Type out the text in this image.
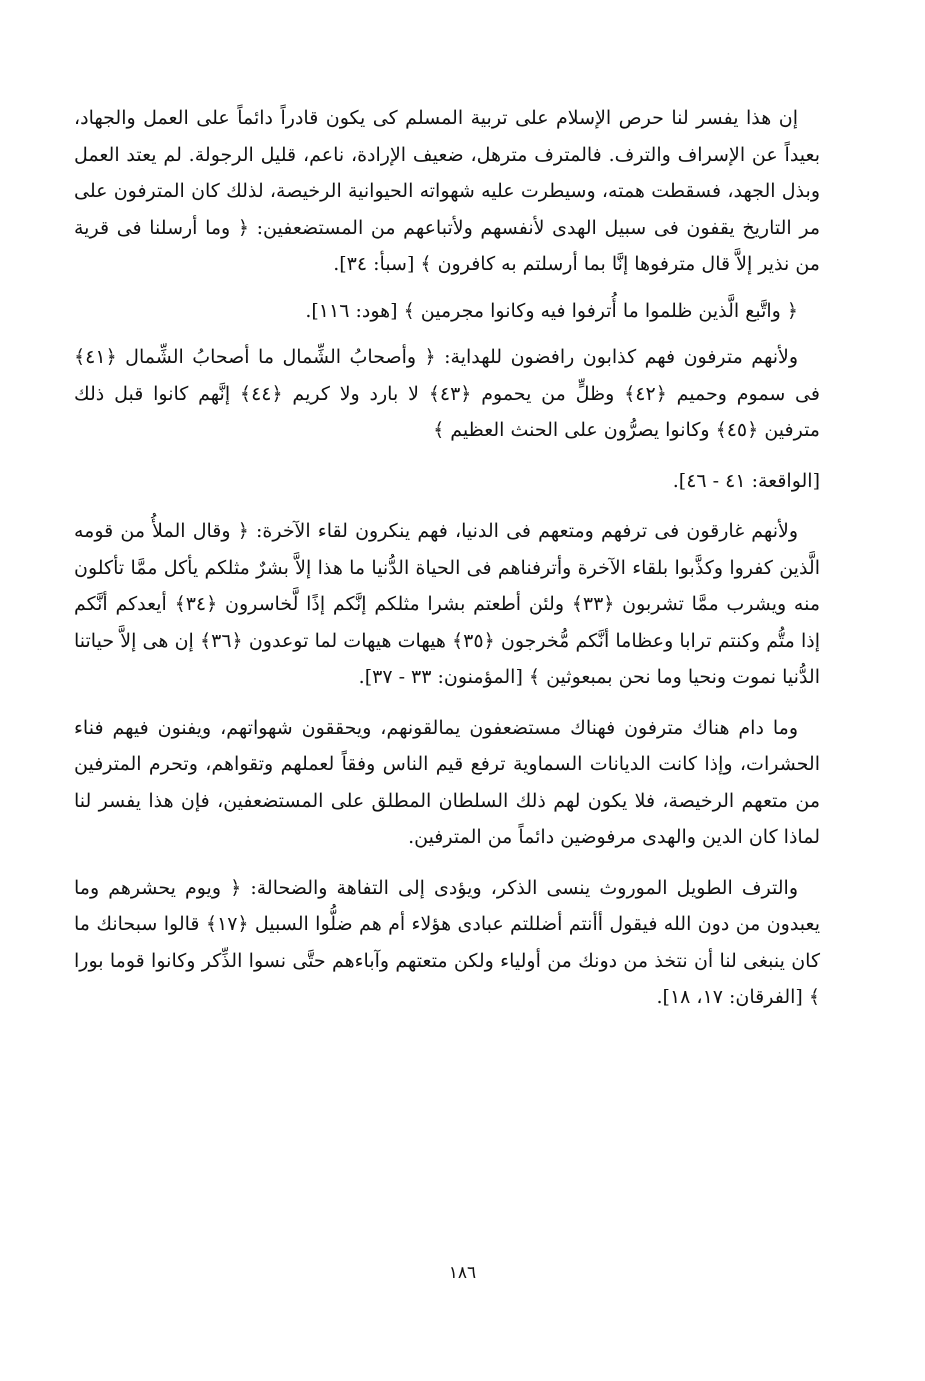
إن هذا يفسر لنا حرص الإسلام على تربية المسلم كى يكون قادراً دائماً على العمل والجهاد، بعيداً عن الإسراف والترف. فالمترف مترهل، ضعيف الإرادة، ناعم، قليل الرجولة. لم يعتد العمل وبذل الجهد، فسقطت همته، وسيطرت عليه شهواته الحيوانية الرخيصة، لذلك كان المترفون على مر التاريخ يقفون فى سبيل الهدى لأنفسهم ولأتباعهم من المستضعفين: ﴿ وما أرسلنا فى قرية من نذير إلاَّ قال مترفوها إنَّا بما أرسلتم به كافرون ﴾ [سبأ: ٣٤].

﴿ واتَّبع الَّذين ظلموا ما أُترفوا فيه وكانوا مجرمين ﴾ [هود: ١١٦].

ولأنهم مترفون فهم كذابون رافضون للهداية: ﴿ وأصحابُ الشِّمال ما أصحابُ الشِّمال ﴿٤١﴾ فى سموم وحميم ﴿٤٢﴾ وظلٍّ من يحموم ﴿٤٣﴾ لا بارد ولا كريم ﴿٤٤﴾ إنَّهم كانوا قبل ذلك مترفين ﴿٤٥﴾ وكانوا يصرُّون على الحنث العظيم ﴾

[الواقعة: ٤١ - ٤٦].

ولأنهم غارقون فى ترفهم ومتعهم فى الدنيا، فهم ينكرون لقاء الآخرة: ﴿ وقال الملأُ من قومه الَّذين كفروا وكذَّبوا بلقاء الآخرة وأترفناهم فى الحياة الدُّنيا ما هذا إلاَّ بشرٌ مثلكم يأكل ممَّا تأكلون منه ويشرب ممَّا تشربون ﴿٣٣﴾ ولئن أطعتم بشرا مثلكم إنَّكم إذًا لَّخاسرون ﴿٣٤﴾ أيعدكم أنَّكم إذا متُّم وكنتم ترابا وعظاما أنَّكم مُّخرجون ﴿٣٥﴾ هيهات هيهات لما توعدون ﴿٣٦﴾ إن هى إلاَّ حياتنا الدُّنيا نموت ونحيا وما نحن بمبعوثين ﴾ [المؤمنون: ٣٣ - ٣٧].

وما دام هناك مترفون فهناك مستضعفون يمالقونهم، ويحققون شهواتهم، ويفنون فيهم فناء الحشرات، وإذا كانت الديانات السماوية ترفع قيم الناس وفقاً لعملهم وتقواهم، وتحرم المترفين من متعهم الرخيصة، فلا يكون لهم ذلك السلطان المطلق على المستضعفين، فإن هذا يفسر لنا لماذا كان الدين والهدى مرفوضين دائماً من المترفين.

والترف الطويل الموروث ينسى الذكر، ويؤدى إلى التفاهة والضحالة: ﴿ ويوم يحشرهم وما يعبدون من دون الله فيقول أأنتم أضللتم عبادى هؤلاء أم هم ضلُّوا السبيل ﴿١٧﴾ قالوا سبحانك ما كان ينبغى لنا أن نتخذ من دونك من أولياء ولكن متعتهم وآباءهم حتَّى نسوا الذِّكر وكانوا قوما بورا ﴾ [الفرقان: ١٧، ١٨].

١٨٦
